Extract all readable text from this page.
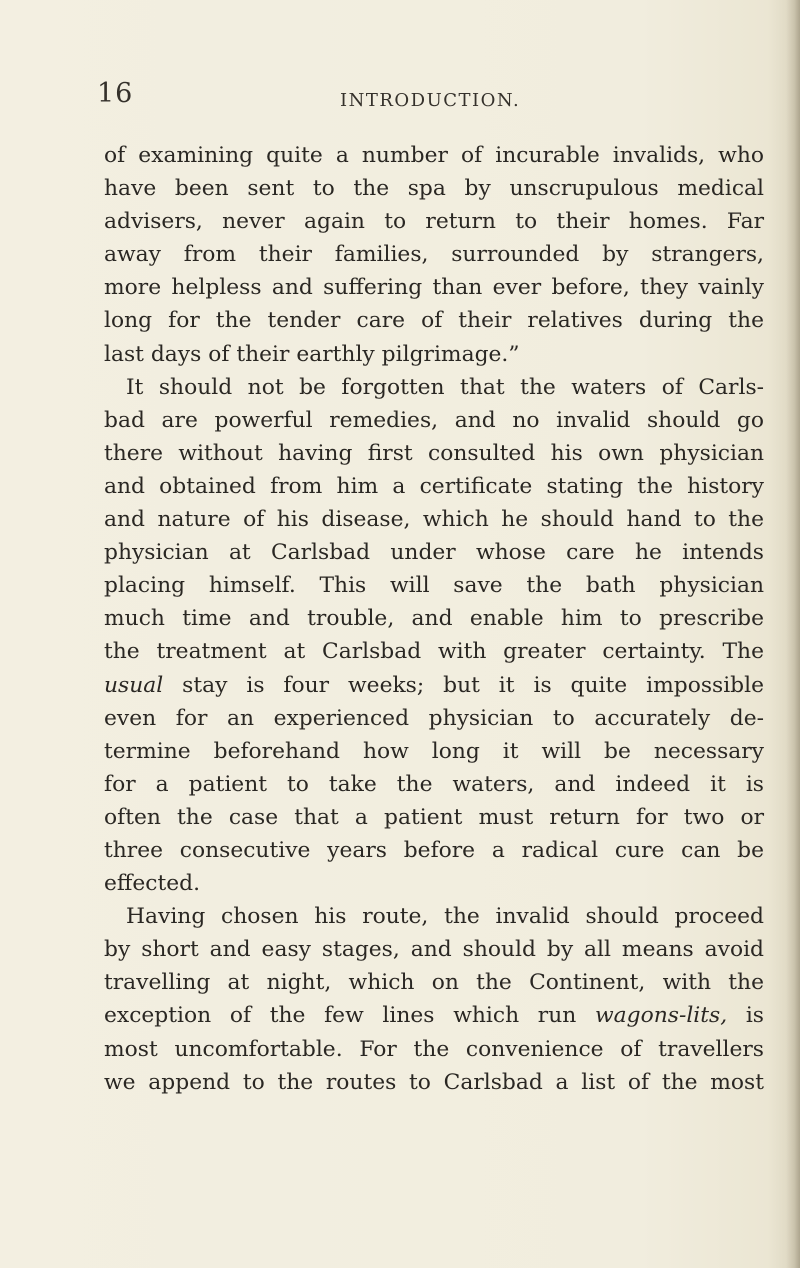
16	INTRODUCTION.
of examining quite a number of incurable invalids, who
have been sent to the spa by unscrupulous medical
advisers, never again to return to their homes. Far
away from their families, surrounded by strangers,
more helpless and suffering than ever before, they vainly
long for the tender care of their relatives during the
last days of their earthly pilgrimage.”
It should not be forgotten that the waters of Carls-
bad are powerful remedies, and no invalid should go
there without having first consulted his own physician
and obtained from him a certificate stating the history
and nature of his disease, which he should hand to the
physician at Carlsbad under whose care he intends
placing himself. This will save the bath physician
much time and trouble, and enable him to prescribe
the treatment at Carlsbad with greater certainty. The
usual stay is four weeks; but it is quite impossible
even for an experienced physician to accurately de-
termine beforehand how long it will be necessary
for a patient to take the waters, and indeed it is
often the case that a patient must return for two or
three consecutive years before a radical cure can be
effected.
Having chosen his route, the invalid should proceed
by short and easy stages, and should by all means avoid
travelling at night, which on the Continent, with the
exception of the few lines which run wagons-lits, is
most uncomfortable. For the convenience of travellers
we append to the routes to Carlsbad a list of the most
